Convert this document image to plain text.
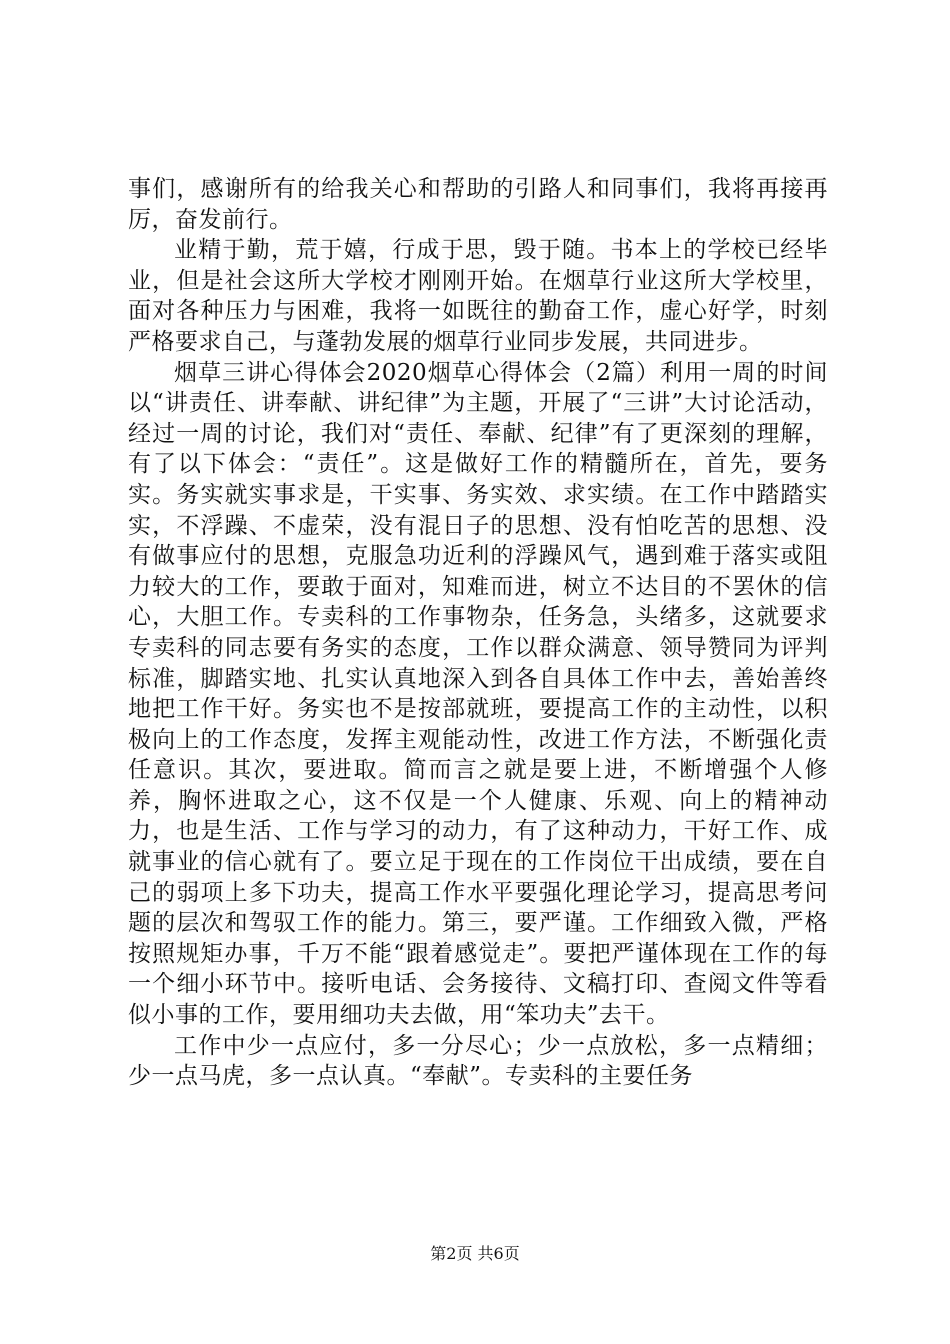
事们，感谢所有的给我关心和帮助的引路人和同事们，我将再接再厉，奋发前行。

业精于勤，荒于嬉，行成于思，毁于随。书本上的学校已经毕业，但是社会这所大学校才刚刚开始。在烟草行业这所大学校里，面对各种压力与困难，我将一如既往的勤奋工作，虚心好学，时刻严格要求自己，与蓬勃发展的烟草行业同步发展，共同进步。

烟草三讲心得体会2020烟草心得体会（2篇）利用一周的时间以“讲责任、讲奉献、讲纪律”为主题，开展了“三讲”大讨论活动，经过一周的讨论，我们对“责任、奉献、纪律”有了更深刻的理解，有了以下体会：“责任”。这是做好工作的精髓所在，首先，要务实。务实就实事求是，干实事、务实效、求实绩。在工作中踏踏实实，不浮躁、不虚荣，没有混日子的思想、没有怕吃苦的思想、没有做事应付的思想，克服急功近利的浮躁风气，遇到难于落实或阻力较大的工作，要敢于面对，知难而进，树立不达目的不罢休的信心，大胆工作。专卖科的工作事物杂，任务急，头绪多，这就要求专卖科的同志要有务实的态度，工作以群众满意、领导赞同为评判标准，脚踏实地、扎实认真地深入到各自具体工作中去，善始善终地把工作干好。务实也不是按部就班，要提高工作的主动性，以积极向上的工作态度，发挥主观能动性，改进工作方法，不断强化责任意识。其次，要进取。简而言之就是要上进，不断增强个人修养，胸怀进取之心，这不仅是一个人健康、乐观、向上的精神动力，也是生活、工作与学习的动力，有了这种动力，干好工作、成就事业的信心就有了。要立足于现在的工作岗位干出成绩，要在自己的弱项上多下功夫，提高工作水平要强化理论学习，提高思考问题的层次和驾驭工作的能力。第三，要严谨。工作细致入微，严格按照规矩办事，千万不能“跟着感觉走”。要把严谨体现在工作的每一个细小环节中。接听电话、会务接待、文稿打印、查阅文件等看似小事的工作，要用细功夫去做，用“笨功夫”去干。

工作中少一点应付，多一分尽心；少一点放松，多一点精细；少一点马虎，多一点认真。“奉献”。专卖科的主要任务

第2页 共6页
